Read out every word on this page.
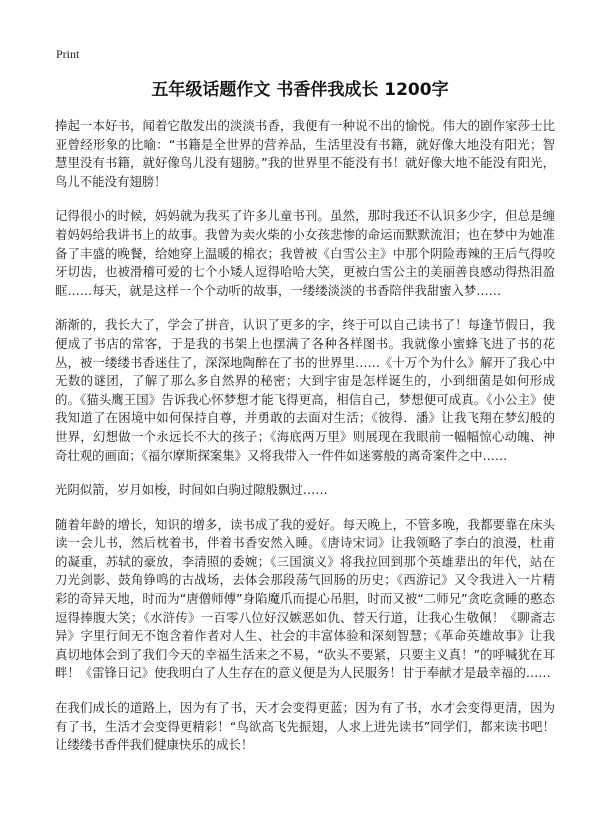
Print
五年级话题作文 书香伴我成长 1200字

捧起一本好书，闻着它散发出的淡淡书香，我便有一种说不出的愉悦。伟大的剧作家莎士比亚曾经形象的比喻：“书籍是全世界的营养品，生活里没有书籍，就好像大地没有阳光；智慧里没有书籍，就好像鸟儿没有翅膀。”我的世界里不能没有书！就好像大地不能没有阳光，鸟儿不能没有翅膀！

记得很小的时候，妈妈就为我买了许多儿童书刊。虽然，那时我还不认识多少字，但总是缠着妈妈给我讲书上的故事。我曾为卖火柴的小女孩悲惨的命运而默默流泪；也在梦中为她准备了丰盛的晚餐，给她穿上温暖的棉衣；我曾被《白雪公主》中那个阴险毒辣的王后气得咬牙切齿，也被滑稽可爱的七个小矮人逗得哈哈大笑，更被白雪公主的美丽善良感动得热泪盈眶……每天，就是这样一个个动听的故事，一缕缕淡淡的书香陪伴我甜蜜入梦……

渐渐的，我长大了，学会了拼音，认识了更多的字，终于可以自己读书了！每逢节假日，我便成了书店的常客，于是我的书架上也摆满了各种各样图书。我就像小蜜蜂飞进了书的花丛，被一缕缕书香迷住了，深深地陶醉在了书的世界里……《十万个为什么》解开了我心中无数的谜团，了解了那么多自然界的秘密；大到宇宙是怎样诞生的，小到细菌是如何形成的。《猫头鹰王国》告诉我心怀梦想才能飞得更高，相信自己，梦想便可成真。《小公主》使我知道了在困境中如何保持自尊，并勇敢的去面对生活；《彼得．潘》让我飞翔在梦幻般的世界，幻想做一个永远长不大的孩子；《海底两万里》则展现在我眼前一幅幅惊心动魄、神奇壮观的画面；《福尔摩斯探案集》又将我带入一件件如迷雾般的离奇案件之中……

光阴似箭，岁月如梭，时间如白驹过隙般飘过……

随着年龄的增长，知识的增多，读书成了我的爱好。每天晚上，不管多晚，我都要靠在床头读一会儿书，然后枕着书，伴着书香安然入睡。《唐诗宋词》让我领略了李白的浪漫，杜甫的凝重，苏轼的豪放，李清照的委婉；《三国演义》将我拉回到那个英雄辈出的年代，站在刀光剑影、鼓角铮鸣的古战场，去体会那段荡气回肠的历史；《西游记》又令我进入一片精彩的奇异天地，时而为“唐僧师傅”身陷魔爪而提心吊胆，时而又被“二师兄”贪吃贪睡的憨态逗得捧腹大笑；《水浒传》一百零八位好汉嫉恶如仇、替天行道，让我心生敬佩！《聊斋志异》字里行间无不饱含着作者对人生、社会的丰富体验和深刻智慧；《革命英雄故事》让我真切地体会到了我们今天的幸福生活来之不易，“砍头不要紧，只要主义真！”的呼喊犹在耳畔！《雷锋日记》使我明白了人生存在的意义便是为人民服务！甘于奉献才是最幸福的……

在我们成长的道路上，因为有了书，天才会变得更蓝；因为有了书，水才会变得更清，因为有了书，生活才会变得更精彩！“鸟欲高飞先振翅，人求上进先读书”同学们，都来读书吧！让缕缕书香伴我们健康快乐的成长！
